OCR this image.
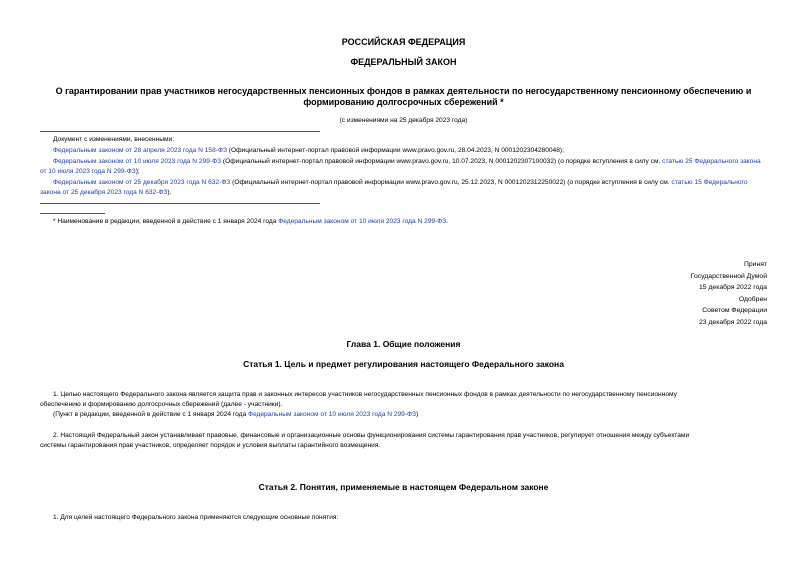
РОССИЙСКАЯ ФЕДЕРАЦИЯ
ФЕДЕРАЛЬНЫЙ ЗАКОН
О гарантировании прав участников негосударственных пенсионных фондов в рамках деятельности по негосударственному пенсионному обеспечению и
формированию долгосрочных сбережений *
(с изменениями на 25 декабря 2023 года)
Документ с изменениями, внесенными:
Федеральным законом от 28 апреля 2023 года N 158-ФЗ (Официальный интернет-портал правовой информации www.pravo.gov.ru, 28.04.2023, N 0001202304280048);
Федеральным законом от 10 июля 2023 года N 299-ФЗ (Официальный интернет-портал правовой информации www.pravo.gov.ru, 10.07.2023, N 0001202307100032) (о порядке вступления в силу см. статью 25 Федерального закона от 10 июля 2023 года N 299-ФЗ);
Федеральным законом от 25 декабря 2023 года N 632-ФЗ (Официальный интернет-портал правовой информации www.pravo.gov.ru, 25.12.2023, N 0001202312250022) (о порядке вступления в силу см. статью 15 Федерального закона от 25 декабря 2023 года N 632-ФЗ).
* Наименование в редакции, введенной в действие с 1 января 2024 года Федеральным законом от 10 июля 2023 года N 299-ФЗ.
Принят
Государственной Думой
15 декабря 2022 года
Одобрен
Советом Федерации
23 декабря 2022 года
Глава 1. Общие положения
Статья 1. Цель и предмет регулирования настоящего Федерального закона
1. Целью настоящего Федерального закона является защита прав и законных интересов участников негосударственных пенсионных фондов в рамках деятельности по негосударственному пенсионному
обеспечению и формированию долгосрочных сбережений (далее - участники).
(Пункт в редакции, введенной в действие с 1 января 2024 года Федеральным законом от 10 июля 2023 года N 299-ФЗ)
2. Настоящий Федеральный закон устанавливает правовые, финансовые и организационные основы функционирования системы гарантирования прав участников, регулирует отношения между субъектами
системы гарантирования прав участников, определяет порядок и условия выплаты гарантийного возмещения.
Статья 2. Понятия, применяемые в настоящем Федеральном законе
1. Для целей настоящего Федерального закона применяются следующие основные понятия:
